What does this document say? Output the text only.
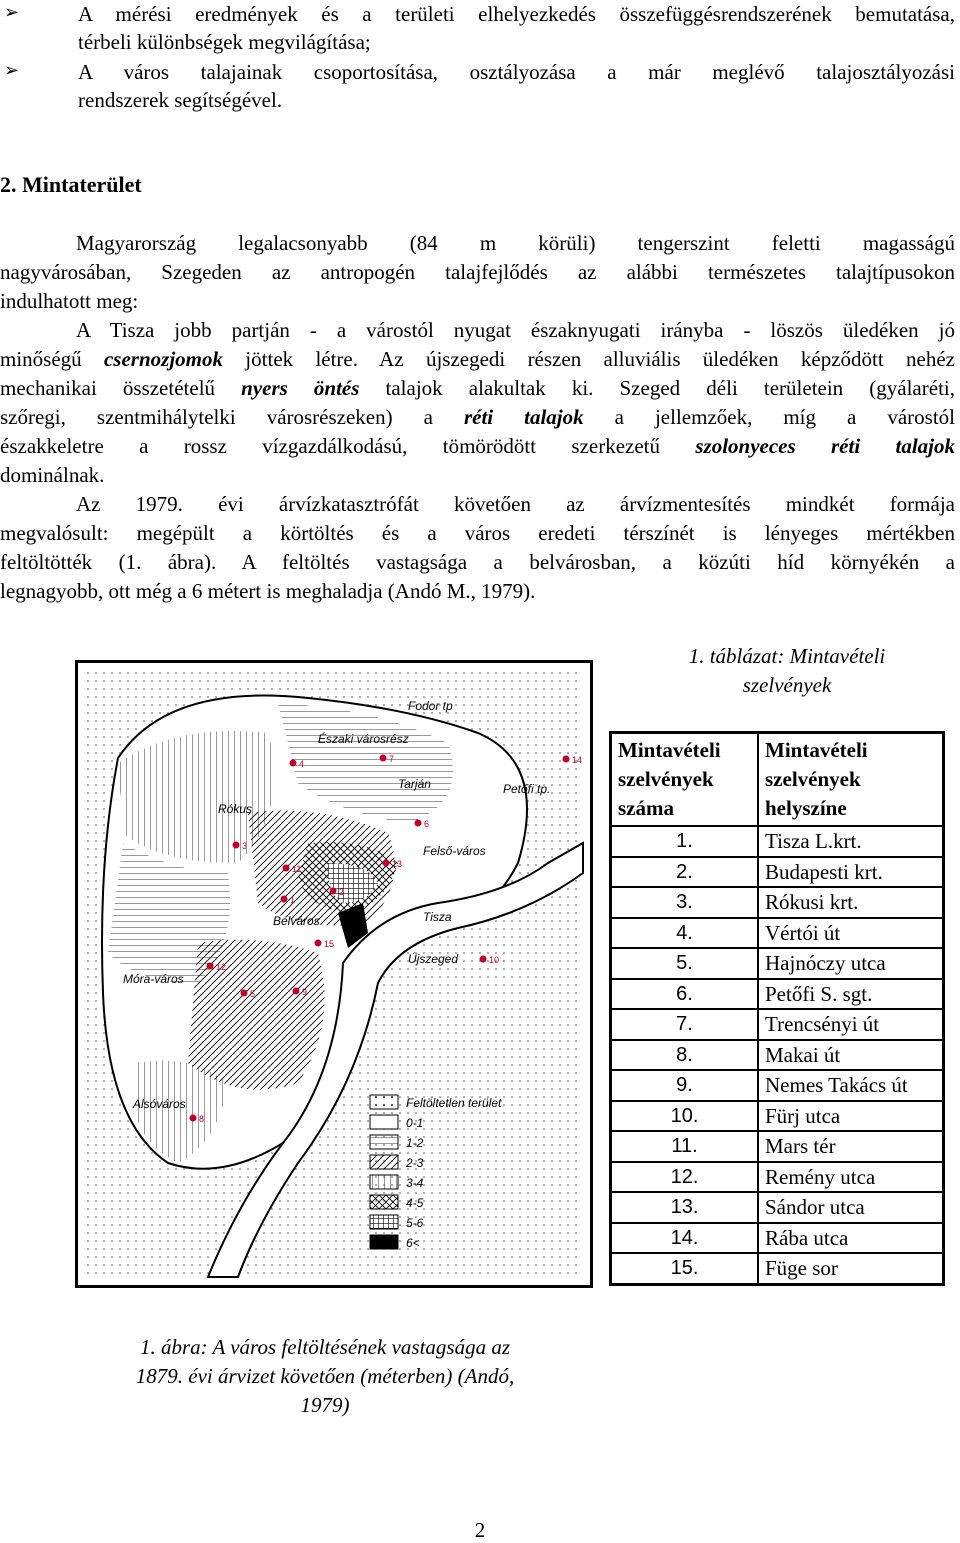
➢	A mérési eredmények és a területi elhelyezkedés összefüggésrendszerének bemutatása,
térbeli különbségek megvilágítása;
➢	A város talajainak csoportosítása, osztályozása a már meglévő talajosztályozási
rendszerek segítségével.
2. Mintaterület
Magyarország legalacsonyabb (84 m körüli) tengerszint feletti magasságú
nagyvárosában, Szegeden az antropogén talajfejlődés az alábbi természetes talajtípusokon
indulhatott meg:
A Tisza jobb partján - a várostól nyugat északnyugati irányba - löszös üledéken jó
minőségű csernozjomok jöttek létre. Az újszegedi részen alluviális üledéken képződött nehéz
mechanikai összetételű nyers öntés talajok alakultak ki. Szeged déli területein (gyálaréti,
szőregi, szentmihálytelki városrészeken) a réti talajok a jellemzőek, míg a várostól
északkeletre a rossz vízgazdálkodású, tömörödött szerkezetű szolonyeces réti talajok
dominálnak.
Az 1979. évi árvízkatasztrófát követően az árvízmentesítés mindkét formája
megvalósult: megépült a körtöltés és a város eredeti térszínét is lényeges mértékben
feltöltötték (1. ábra). A feltöltés vastagsága a belvárosban, a közúti híd környékén a
legnagyobb, ott még a 6 métert is meghaladja (Andó M., 1979).
Északi városrész
Fodor tp
Tarján	Petőfi tp.
Rókus
Felső-város
Belváros	Tisza
Újszeged
Móra-város
Alsóváros
14
7
4
6
3
13
1
11
2
15
12
9
10
5
8
Feltöltetlen terület
0-1
1-2
2-3
3-4
4-5
5-6
6<
1. ábra: A város feltöltésének vastagsága az
1879. évi árvizet követően (méterben) (Andó,
1979)
1. táblázat: Mintavételi
szelvények
Mintavételi szelvények száma	Mintavételi szelvények helyszíne
1.	Tisza L.krt.
2.	Budapesti krt.
3.	Rókusi krt.
4.	Vértói út
5.	Hajnóczy utca
6.	Petőfi S. sgt.
7.	Trencsényi út
8.	Makai út
9.	Nemes Takács út
10.	Fürj utca
11.	Mars tér
12.	Remény utca
13.	Sándor utca
14.	Rába utca
15.	Füge sor
2
